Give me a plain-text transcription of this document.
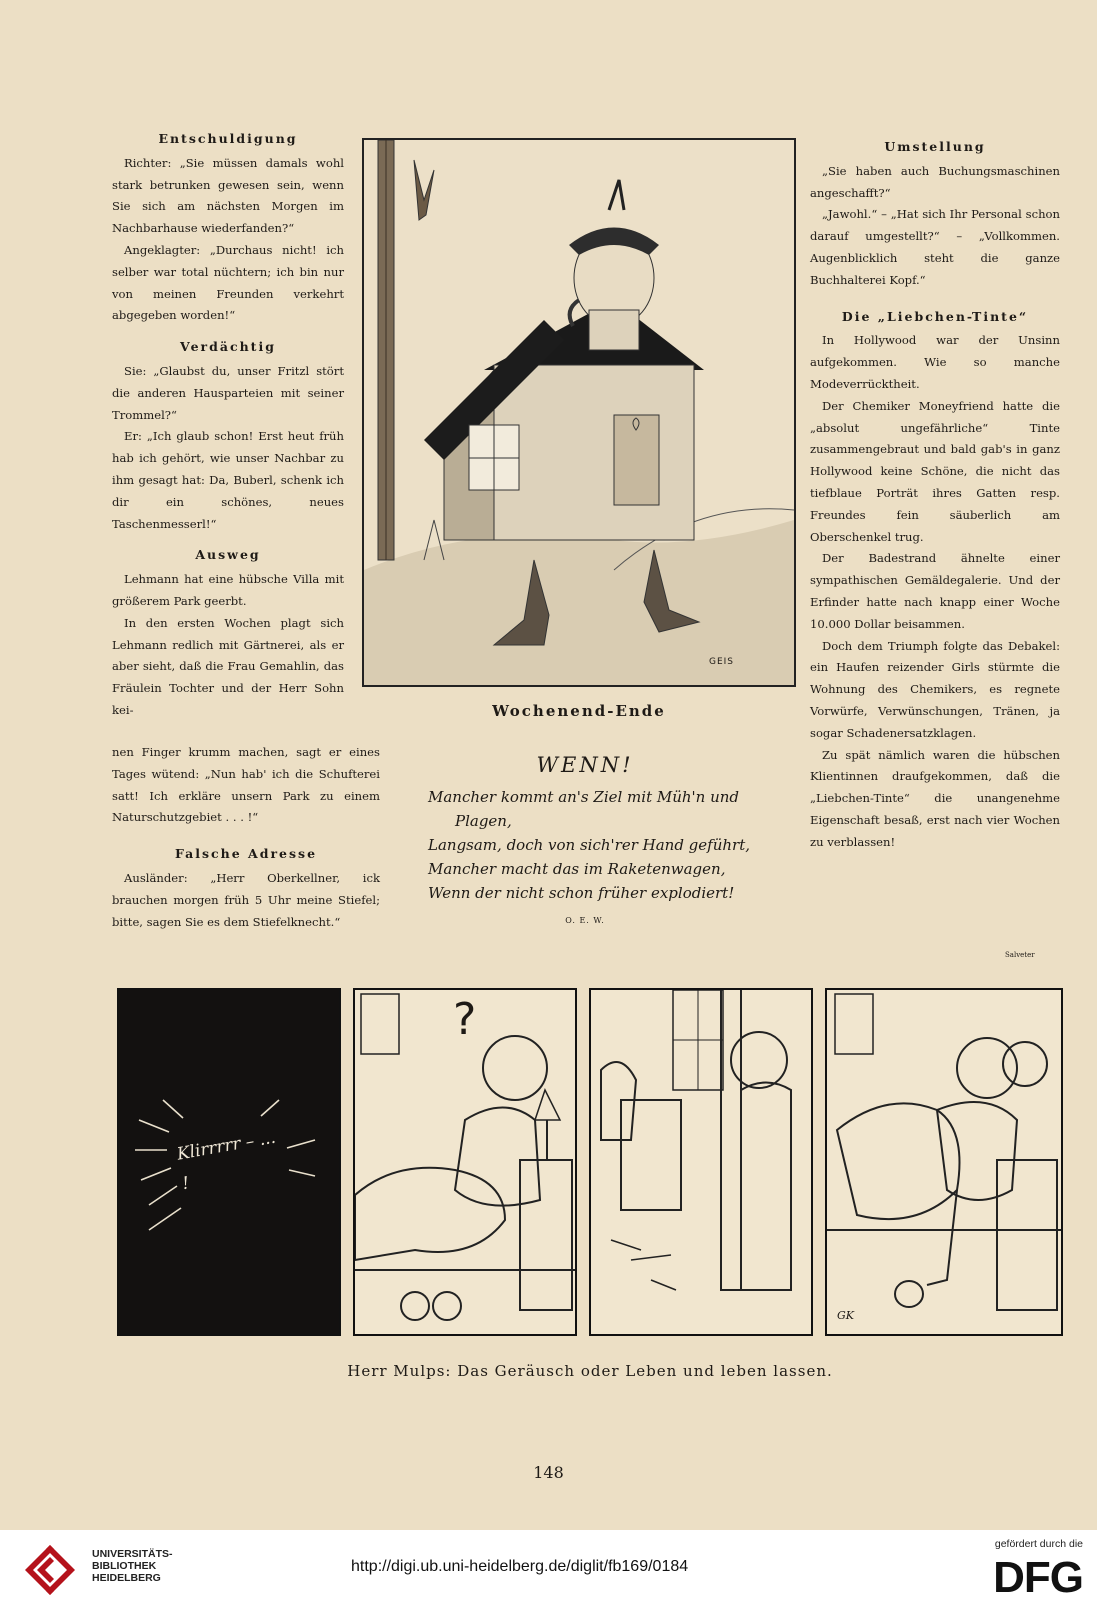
Entschuldigung

Richter: „Sie müssen damals wohl stark betrunken gewesen sein, wenn Sie sich am nächsten Morgen im Nachbarhause wiederfanden?“

Angeklagter: „Durchaus nicht! ich selber war total nüchtern; ich bin nur von meinen Freunden verkehrt abgegeben worden!“

Verdächtig

Sie: „Glaubst du, unser Fritzl stört die anderen Hausparteien mit seiner Trommel?“

Er: „Ich glaub schon! Erst heut früh hab ich gehört, wie unser Nachbar zu ihm gesagt hat: Da, Buberl, schenk ich dir ein schönes, neues Taschenmesserl!“

Ausweg

Lehmann hat eine hübsche Villa mit größerem Park geerbt.

In den ersten Wochen plagt sich Lehmann redlich mit Gärtnerei, als er aber sieht, daß die Frau Gemahlin, das Fräulein Tochter und der Herr Sohn kei-

nen Finger krumm machen, sagt er eines Tages wütend: „Nun hab' ich die Schufterei satt! Ich erkläre unsern Park zu einem Naturschutzgebiet . . . !“

Falsche Adresse

Ausländer: „Herr Oberkellner, ick brauchen morgen früh 5 Uhr meine Stiefel; bitte, sagen Sie es dem Stiefelknecht.“

GEIS
Wochenend-Ende
WENN!
Mancher kommt an's Ziel mit Müh'n und
Plagen,
Langsam, doch von sich'rer Hand geführt,
Mancher macht das im Raketenwagen,
Wenn der nicht schon früher explodiert!
O. E. W.
Umstellung

„Sie haben auch Buchungsmaschinen angeschafft?“

„Jawohl.“ – „Hat sich Ihr Personal schon darauf umgestellt?“ – „Vollkommen. Augenblicklich steht die ganze Buchhalterei Kopf.“

Die „Liebchen-Tinte“

In Hollywood war der Unsinn aufgekommen. Wie so manche Modeverrücktheit.

Der Chemiker Moneyfriend hatte die „absolut ungefährliche“ Tinte zusammengebraut und bald gab's in ganz Hollywood keine Schöne, die nicht das tiefblaue Porträt ihres Gatten resp. Freundes fein säuberlich am Oberschenkel trug.

Der Badestrand ähnelte einer sympathischen Gemäldegalerie. Und der Erfinder hatte nach knapp einer Woche 10.000 Dollar beisammen.

Doch dem Triumph folgte das Debakel: ein Haufen reizender Girls stürmte die Wohnung des Chemikers, es regnete Vorwürfe, Verwünschungen, Tränen, ja sogar Schadenersatzklagen.

Zu spät nämlich waren die hübschen Klientinnen draufgekommen, daß die „Liebchen-Tinte“ die unangenehme Eigenschaft besaß, erst nach vier Wochen zu verblassen!

Salveter
Klirrrrr – ... !
?
GK
Herr Mulps: Das Geräusch oder Leben und leben lassen.
148
UNIVERSITÄTS-
BIBLIOTHEK
HEIDELBERG
http://digi.ub.uni-heidelberg.de/diglit/fb169/0184
gefördert durch die
DFG
